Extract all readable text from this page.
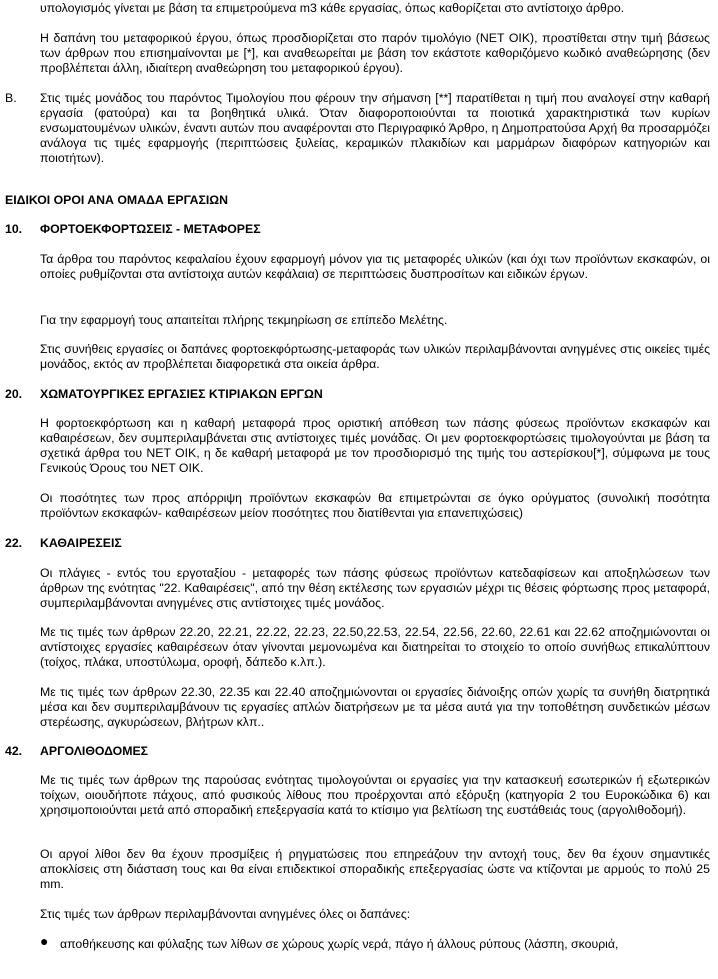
υπολογισμός γίνεται με βάση τα επιμετρούμενα m3 κάθε εργασίας, όπως καθορίζεται στο αντίστοιχο άρθρο.
Η δαπάνη του μεταφορικού έργου, όπως προσδιορίζεται στο παρόν τιμολόγιο (ΝΕΤ ΟΙΚ), προστίθεται στην τιμή βάσεως των άρθρων που επισημαίνονται με [*], και αναθεωρείται με βάση τον εκάστοτε καθοριζόμενο κωδικό αναθεώρησης (δεν προβλέπεται άλλη, ιδιαίτερη αναθεώρηση του μεταφορικού έργου).
Β. Στις τιμές μονάδος του παρόντος Τιμολογίου που φέρουν την σήμανση [**] παρατίθεται η τιμή που αναλογεί στην καθαρή εργασία (φατούρα) και τα βοηθητικά υλικά. Όταν διαφοροποιούνται τα ποιοτικά χαρακτηριστικά των κυρίων ενσωματουμένων υλικών, έναντι αυτών που αναφέρονται στο Περιγραφικό Άρθρο, η Δημοπρατούσα Αρχή θα προσαρμόζει ανάλογα τις τιμές εφαρμογής (περιπτώσεις ξυλείας, κεραμικών πλακιδίων και μαρμάρων διαφόρων κατηγοριών και ποιοτήτων).
ΕΙΔΙΚΟΙ ΟΡΟΙ ΑΝΑ ΟΜΑΔΑ ΕΡΓΑΣΙΩΝ
10. ΦΟΡΤΟΕΚΦΟΡΤΩΣΕΙΣ - ΜΕΤΑΦΟΡΕΣ
Τα άρθρα του παρόντος κεφαλαίου έχουν εφαρμογή μόνον για τις μεταφορές υλικών (και όχι των προϊόντων εκσκαφών, οι οποίες ρυθμίζονται στα αντίστοιχα αυτών κεφάλαια) σε περιπτώσεις δυσπροσίτων και ειδικών έργων.
Για την εφαρμογή τους απαιτείται πλήρης τεκμηρίωση σε επίπεδο Μελέτης.
Στις συνήθεις εργασίες οι δαπάνες φορτοεκφόρτωσης-μεταφοράς των υλικών περιλαμβάνονται ανηγμένες στις οικείες τιμές μονάδος, εκτός αν προβλέπεται διαφορετικά στα οικεία άρθρα.
20. ΧΩΜΑΤΟΥΡΓΙΚΕΣ ΕΡΓΑΣΙΕΣ ΚΤΙΡΙΑΚΩΝ ΕΡΓΩΝ
Η φορτοεκφόρτωση και η καθαρή μεταφορά προς οριστική απόθεση των πάσης φύσεως προϊόντων εκσκαφών και καθαιρέσεων, δεν συμπεριλαμβάνεται στις αντίστοιχες τιμές μονάδας. Οι μεν φορτοεκφορτώσεις τιμολογούνται με βάση τα σχετικά άρθρα του ΝΕΤ ΟΙΚ, η δε καθαρή μεταφορά με τον προσδιορισμό της τιμής του αστερίσκου[*], σύμφωνα με τους Γενικούς Όρους του ΝΕΤ ΟΙΚ.
Οι ποσότητες των προς απόρριψη προϊόντων εκσκαφών θα επιμετρώνται σε όγκο ορύγματος (συνολική ποσότητα προϊόντων εκσκαφών- καθαιρέσεων μείον ποσότητες που διατίθενται για επανεπιχώσεις)
22. ΚΑΘΑΙΡΕΣΕΙΣ
Οι πλάγιες - εντός του εργοταξίου - μεταφορές των πάσης φύσεως προϊόντων κατεδαφίσεων και αποξηλώσεων των άρθρων της ενότητας "22. Καθαιρέσεις", από την θέση εκτέλεσης των εργασιών μέχρι τις θέσεις φόρτωσης προς μεταφορά, συμπεριλαμβάνονται ανηγμένες στις αντίστοιχες τιμές μονάδος.
Με τις τιμές των άρθρων 22.20, 22.21, 22.22, 22.23, 22.50,22.53, 22.54, 22.56, 22.60, 22.61 και 22.62 αποζημιώνονται οι αντίστοιχες εργασίες καθαιρέσεων όταν γίνονται μεμονωμένα και διατηρείται το στοιχείο το οποίο συνήθως επικαλύπτουν (τοίχος, πλάκα, υποστύλωμα, οροφή, δάπεδο κ.λπ.).
Με τις τιμές των άρθρων 22.30, 22.35 και 22.40 αποζημιώνονται οι εργασίες διάνοιξης οπών χωρίς τα συνήθη διατρητικά μέσα και δεν συμπεριλαμβάνουν τις εργασίες απλών διατρήσεων με τα μέσα αυτά για την τοποθέτηση συνδετικών μέσων στερέωσης, αγκυρώσεων, βλήτρων κλπ..
42. ΑΡΓΟΛΙΘΟΔΟΜΕΣ
Με τις τιμές των άρθρων της παρούσας ενότητας τιμολογούνται οι εργασίες για την κατασκευή εσωτερικών ή εξωτερικών τοίχων, οιουδήποτε πάχους, από φυσικούς λίθους που προέρχονται από εξόρυξη (κατηγορία 2 του Ευροκώδικα 6) και χρησιμοποιούνται μετά από σποραδική επεξεργασία κατά το κτίσιμο για βελτίωση της ευστάθειάς τους (αργολιθοδομή).
Οι αργοί λίθοι δεν θα έχουν προσμίξεις ή ρηγματώσεις που επηρεάζουν την αντοχή τους, δεν θα έχουν σημαντικές αποκλίσεις στη διάσταση τους και θα είναι επιδεκτικοί σποραδικής επεξεργασίας ώστε να κτίζονται με αρμούς το πολύ 25 mm.
Στις τιμές των άρθρων περιλαμβάνονται ανηγμένες όλες οι δαπάνες:
● αποθήκευσης και φύλαξης των λίθων σε χώρους χωρίς νερά, πάγο ή άλλους ρύπους (λάσπη, σκουριά,
